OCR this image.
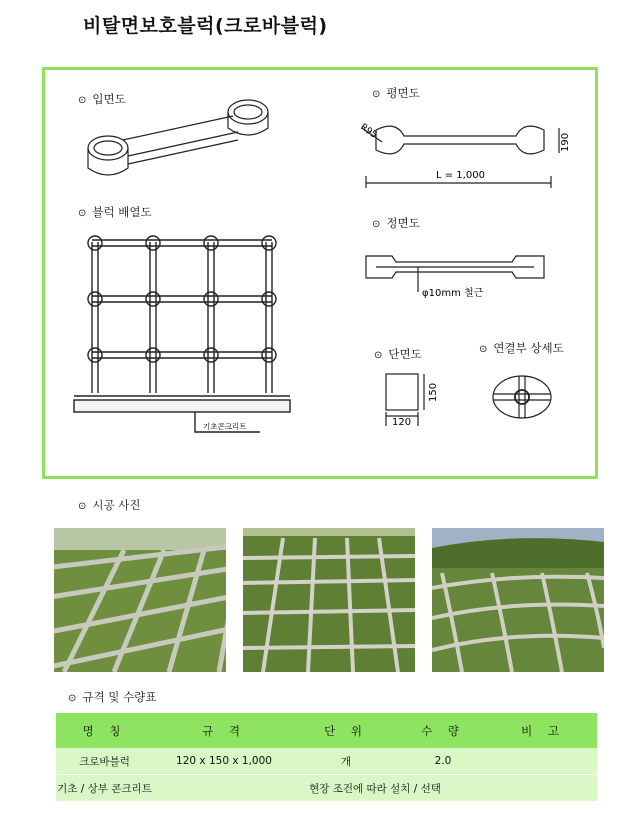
비탈면보호블럭(크로바블럭)
⊙ 입면도	⊙ 평면도
R95
L = 1,000
190
⊙ 블럭 배열도
기초콘크리트
⊙ 정면도
φ10mm 철근
⊙ 단면도
120
150
⊙ 연결부 상세도
⊙ 시공 사진
⊙ 규격 및 수량표
명 칭	규 격	단 위	수 량	비 고
크로바블럭	120 x 150 x 1,000	개	2.0	
기초 / 상부 콘크리트	현장 조건에 따라 설치 / 선택			
